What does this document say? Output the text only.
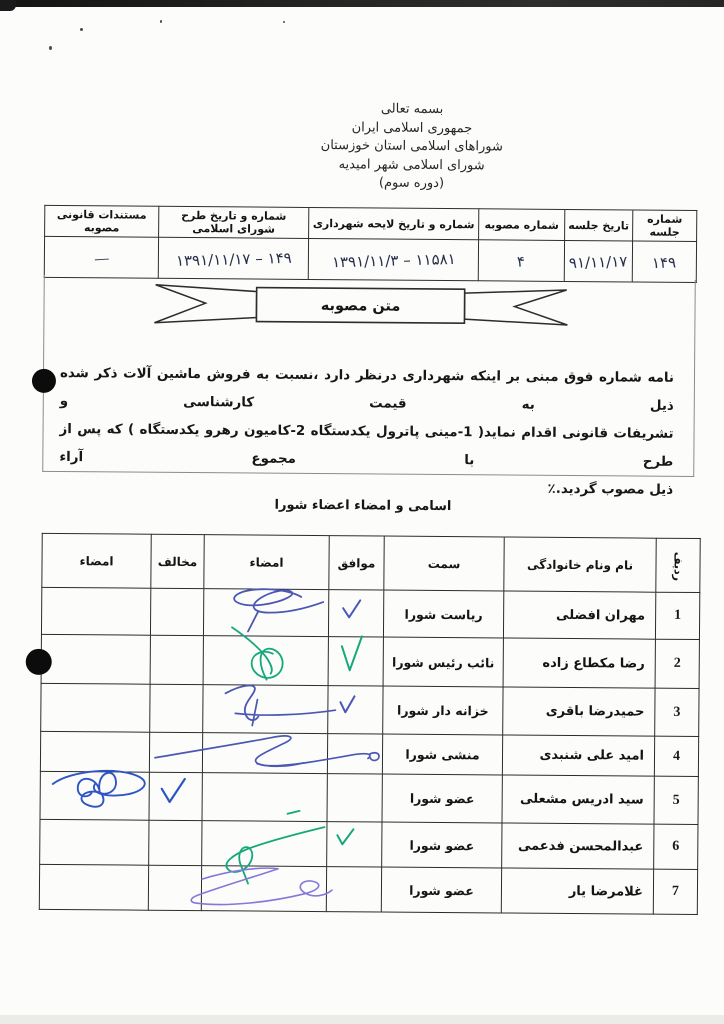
بسمه تعالی
جمهوری اسلامی ایران
شوراهای اسلامی استان خوزستان
شورای اسلامی شهر امیدیه
(دوره سوم)
شماره جلسه	تاریخ جلسه	شماره مصوبه	شماره و تاریخ لایحه شهرداری	شماره و تاریخ طرح شورای اسلامی	مستندات قانونی مصوبه
۱۴۹	۹۱/۱۱/۱۷	۴	۱۱۵۸۱ – ۱۳۹۱/۱۱/۳	۱۴۹ – ۱۳۹۱/۱۱/۱۷	―
متن مصوبه
نامه شماره فوق مبنی بر اینکه شهرداری درنظر دارد ،نسبت به فروش ماشین آلات ذکر شده ذیل به قیمت کارشناسی و
تشریفات قانونی اقدام نماید( 1-مینی پاترول یکدستگاه 2-کامیون رهرو یکدستگاه ) که پس از طرح با مجموع آراء
ذیل مصوب گردید.٪
اسامی و امضاء اعضاء شورا
ردیف	نام ونام خانوادگی	سمت	موافق	امضاء	مخالف	امضاء
1	مهران افضلی	ریاست شورا				
2	رضا مکطاع زاده	نائب رئیس شورا				
3	حمیدرضا باقری	خزانه دار شورا				
4	امید علی شنبدی	منشی شورا				
5	سید ادریس مشعلی	عضو شورا				
6	عبدالمحسن فدعمی	عضو شورا				
7	غلامرضا یار	عضو شورا				
